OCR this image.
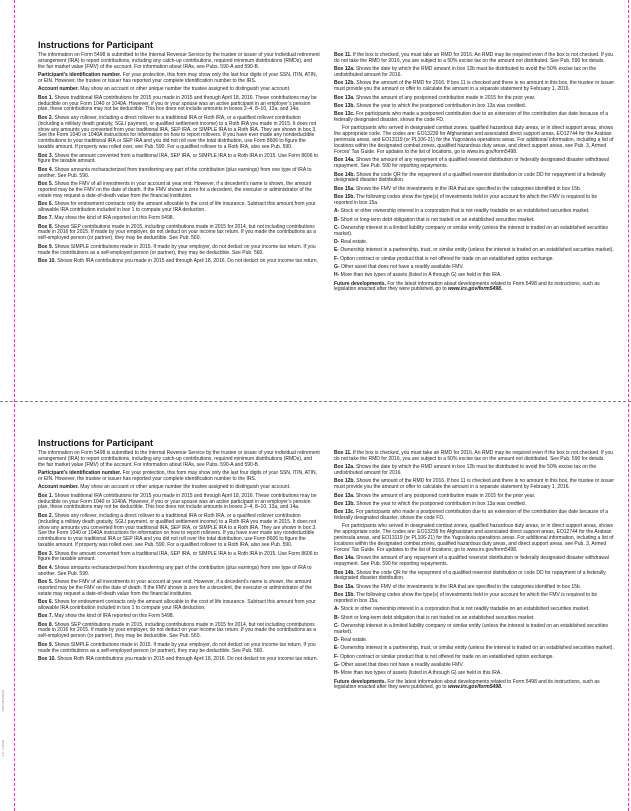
09026X083
IE-5498
Instructions for Participant
The information on Form 5498 is submitted to the Internal Revenue Service by the trustee or issuer of your individual retirement arrangement (IRA) to report contributions, including any catch-up contributions, required minimum distributions (RMDs), and the fair market value (FMV) of the account. For information about IRAs, see Pubs. 590-A and 590-B.
Participant’s identification number. For your protection, this form may show only the last four digits of your SSN, ITIN, ATIN, or EIN. However, the trustee or issuer has reported your complete identification number to the IRS.
Account number. May show an account or other unique number the trustee assigned to distinguish your account.
Box 1. Shows traditional IRA contributions for 2015 you made in 2015 and through April 18, 2016. These contributions may be deductible on your Form 1040 or 1040A. However, if you or your spouse was an active participant in an employer’s pension plan, these contributions may not be deductible. This box does not include amounts in boxes 2–4, 8–10, 13a, and 14a.
Box 2. Shows any rollover, including a direct rollover to a traditional IRA or Roth IRA, or a qualified rollover contribution (including a military death gratuity, SGLI payment, or qualified settlement income) to a Roth IRA you made in 2015. It does not show any amounts you converted from your traditional IRA, SEP IRA, or SIMPLE IRA to a Roth IRA. They are shown in box 3. See the Form 1040 or 1040A instructions for information on how to report rollovers. If you have ever made any nondeductible contributions to your traditional IRA or SEP IRA and you did not roll over the total distribution, use Form 8606 to figure the taxable amount. If property was rolled over, see Pub. 590. For a qualified rollover to a Roth IRA, also see Pub. 590.
Box 3. Shows the amount converted from a traditional IRA, SEP IRA, or SIMPLE IRA to a Roth IRA in 2015. Use Form 8606 to figure the taxable amount.
Box 4. Shows amounts recharacterized from transferring any part of the contribution (plus earnings) from one type of IRA to another. See Pub. 590.
Box 5. Shows the FMV of all investments in your account at year end. However, if a decedent’s name is shown, the amount reported may be the FMV on the date of death. If the FMV shown is zero for a decedent, the executor or administrator of the estate may request a date-of-death value from the financial institution.
Box 6. Shows for endowment contracts only the amount allocable to the cost of life insurance. Subtract this amount from your allowable IRA contribution included in box 1 to compute your IRA deduction.
Box 7. May show the kind of IRA reported on this Form 5498.
Box 8. Shows SEP contributions made in 2015, including contributions made in 2015 for 2014, but not including contributions made in 2016 for 2015. If made by your employer, do not deduct on your income tax return. If you made the contributions as a self-employed person (or partner), they may be deductible. See Pub. 560.
Box 9. Shows SIMPLE contributions made in 2015. If made by your employer, do not deduct on your income tax return. If you made the contributions as a self-employed person (or partner), they may be deductible. See Pub. 560.
Box 10. Shows Roth IRA contributions you made in 2015 and through April 18, 2016. Do not deduct on your income tax return.
Box 11. If the box is checked, you must take an RMD for 2016. An RMD may be required even if the box is not checked. If you do not take the RMD for 2016, you are subject to a 50% excise tax on the amount not distributed. See Pub. 590 for details.
Box 12a. Shows the date by which the RMD amount in box 12b must be distributed to avoid the 50% excise tax on the undistributed amount for 2016.
Box 12b. Shows the amount of the RMD for 2016. If box 11 is checked and there is no amount in this box, the trustee or issuer must provide you the amount or offer to calculate the amount in a separate statement by February 1, 2016.
Box 13a. Shows the amount of any postponed contribution made in 2015 for the prior year.
Box 13b. Shows the year to which the postponed contribution in box 13a was credited.
Box 13c. For participants who made a postponed contribution due to an extension of the contribution due date because of a federally designated disaster, shows the code FD.
For participants who served in designated combat zones, qualified hazardous duty areas, or in direct support areas, shows the appropriate code. The codes are: EO13239 for Afghanistan and associated direct support areas, EO12744 for the Arabian peninsula areas, and EO13119 (or PL106-21) for the Yugoslavia operations areas. For additional information, including a list of locations within the designated combat zones, qualified hazardous duty areas, and direct support areas, see Pub. 3, Armed Forces’ Tax Guide. For updates to the list of locations, go to www.irs.gov/form5498.
Box 14a. Shows the amount of any repayment of a qualified reservist distribution or federally designated disaster withdrawal repayment. See Pub. 590 for reporting repayments.
Box 14b. Shows the code QR for the repayment of a qualified reservist distribution or code DD for repayment of a federally designated disaster distribution.
Box 15a. Shows the FMV of the investments in the IRA that are specified in the categories identified in box 15b.
Box 15b. The following codes show the type(s) of investments held in your account for which the FMV is required to be reported in box 15a.
A- Stock or other ownership interest in a corporation that is not readily tradable on an established securities market.
B- Short or long-term debt obligation that is not traded on an established securities market.
C- Ownership interest in a limited liability company or similar entity (unless the interest is traded on an established securities market).
D- Real estate.
E- Ownership interest in a partnership, trust, or similar entity (unless the interest is traded on an established securities market).
F- Option contract or similar product that is not offered for trade on an established option exchange.
G- Other asset that does not have a readily available FMV.
H- More than two types of assets (listed in A through G) are held in this IRA.
Future developments. For the latest information about developments related to Form 5498 and its instructions, such as legislation enacted after they were published, go to www.irs.gov/form5498.
Instructions for Participant
The information on Form 5498 is submitted to the Internal Revenue Service by the trustee or issuer of your individual retirement arrangement (IRA) to report contributions, including any catch-up contributions, required minimum distributions (RMDs), and the fair market value (FMV) of the account. For information about IRAs, see Pubs. 590-A and 590-B.
Participant’s identification number. For your protection, this form may show only the last four digits of your SSN, ITIN, ATIN, or EIN. However, the trustee or issuer has reported your complete identification number to the IRS.
Account number. May show an account or other unique number the trustee assigned to distinguish your account.
Box 1. Shows traditional IRA contributions for 2015 you made in 2015 and through April 18, 2016. These contributions may be deductible on your Form 1040 or 1040A. However, if you or your spouse was an active participant in an employer’s pension plan, these contributions may not be deductible. This box does not include amounts in boxes 2–4, 8–10, 13a, and 14a.
Box 2. Shows any rollover, including a direct rollover to a traditional IRA or Roth IRA, or a qualified rollover contribution (including a military death gratuity, SGLI payment, or qualified settlement income) to a Roth IRA you made in 2015. It does not show any amounts you converted from your traditional IRA, SEP IRA, or SIMPLE IRA to a Roth IRA. They are shown in box 3. See the Form 1040 or 1040A instructions for information on how to report rollovers. If you have ever made any nondeductible contributions to your traditional IRA or SEP IRA and you did not roll over the total distribution, use Form 8606 to figure the taxable amount. If property was rolled over, see Pub. 590. For a qualified rollover to a Roth IRA, also see Pub. 590.
Box 3. Shows the amount converted from a traditional IRA, SEP IRA, or SIMPLE IRA to a Roth IRA in 2015. Use Form 8606 to figure the taxable amount.
Box 4. Shows amounts recharacterized from transferring any part of the contribution (plus earnings) from one type of IRA to another. See Pub. 590.
Box 5. Shows the FMV of all investments in your account at year end. However, if a decedent’s name is shown, the amount reported may be the FMV on the date of death. If the FMV shown is zero for a decedent, the executor or administrator of the estate may request a date-of-death value from the financial institution.
Box 6. Shows for endowment contracts only the amount allocable to the cost of life insurance. Subtract this amount from your allowable IRA contribution included in box 1 to compute your IRA deduction.
Box 7. May show the kind of IRA reported on this Form 5498.
Box 8. Shows SEP contributions made in 2015, including contributions made in 2015 for 2014, but not including contributions made in 2016 for 2015. If made by your employer, do not deduct on your income tax return. If you made the contributions as a self-employed person (or partner), they may be deductible. See Pub. 560.
Box 9. Shows SIMPLE contributions made in 2015. If made by your employer, do not deduct on your income tax return. If you made the contributions as a self-employed person (or partner), they may be deductible. See Pub. 560.
Box 10. Shows Roth IRA contributions you made in 2015 and through April 18, 2016. Do not deduct on your income tax return.
Box 11. If the box is checked, you must take an RMD for 2016. An RMD may be required even if the box is not checked. If you do not take the RMD for 2016, you are subject to a 50% excise tax on the amount not distributed. See Pub. 590 for details.
Box 12a. Shows the date by which the RMD amount in box 12b must be distributed to avoid the 50% excise tax on the undistributed amount for 2016.
Box 12b. Shows the amount of the RMD for 2016. If box 11 is checked and there is no amount in this box, the trustee or issuer must provide you the amount or offer to calculate the amount in a separate statement by February 1, 2016.
Box 13a. Shows the amount of any postponed contribution made in 2015 for the prior year.
Box 13b. Shows the year to which the postponed contribution in box 13a was credited.
Box 13c. For participants who made a postponed contribution due to an extension of the contribution due date because of a federally designated disaster, shows the code FD.
For participants who served in designated combat zones, qualified hazardous duty areas, or in direct support areas, shows the appropriate code. The codes are: EO13239 for Afghanistan and associated direct support areas, EO12744 for the Arabian peninsula areas, and EO13119 (or PL106-21) for the Yugoslavia operations areas. For additional information, including a list of locations within the designated combat zones, qualified hazardous duty areas, and direct support areas, see Pub. 3, Armed Forces’ Tax Guide. For updates to the list of locations, go to www.irs.gov/form5498.
Box 14a. Shows the amount of any repayment of a qualified reservist distribution or federally designated disaster withdrawal repayment. See Pub. 590 for reporting repayments.
Box 14b. Shows the code QR for the repayment of a qualified reservist distribution or code DD for repayment of a federally designated disaster distribution.
Box 15a. Shows the FMV of the investments in the IRA that are specified in the categories identified in box 15b.
Box 15b. The following codes show the type(s) of investments held in your account for which the FMV is required to be reported in box 15a.
A- Stock or other ownership interest in a corporation that is not readily tradable on an established securities market.
B- Short or long-term debt obligation that is not traded on an established securities market.
C- Ownership interest in a limited liability company or similar entity (unless the interest is traded on an established securities market).
D- Real estate.
E- Ownership interest in a partnership, trust, or similar entity (unless the interest is traded on an established securities market).
F- Option contract or similar product that is not offered for trade on an established option exchange.
G- Other asset that does not have a readily available FMV.
H- More than two types of assets (listed in A through G) are held in this IRA.
Future developments. For the latest information about developments related to Form 5498 and its instructions, such as legislation enacted after they were published, go to www.irs.gov/form5498.
